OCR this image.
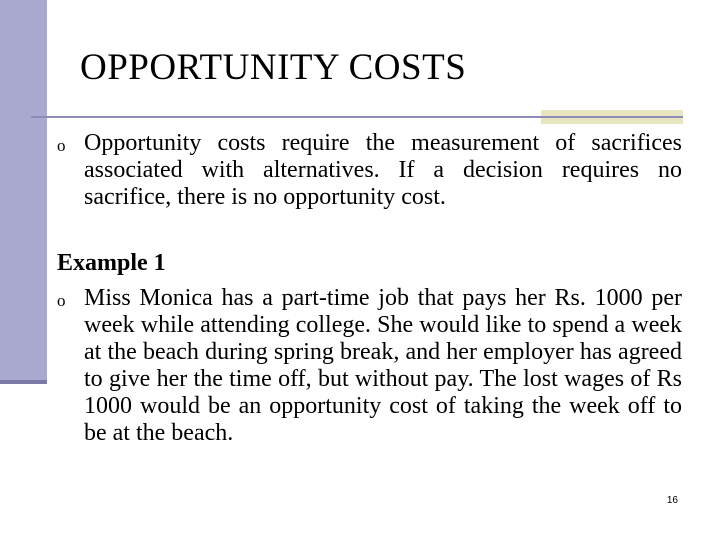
OPPORTUNITY COSTS
o Opportunity costs require the measurement of sacrifices associated with alternatives. If a decision requires no sacrifice, there is no opportunity cost.
Example 1
o Miss Monica has a part-time job that pays her Rs. 1000 per week while attending college. She would like to spend a week at the beach during spring break, and her employer has agreed to give her the time off, but without pay. The lost wages of Rs 1000 would be an opportunity cost of taking the week off to be at the beach.
16
